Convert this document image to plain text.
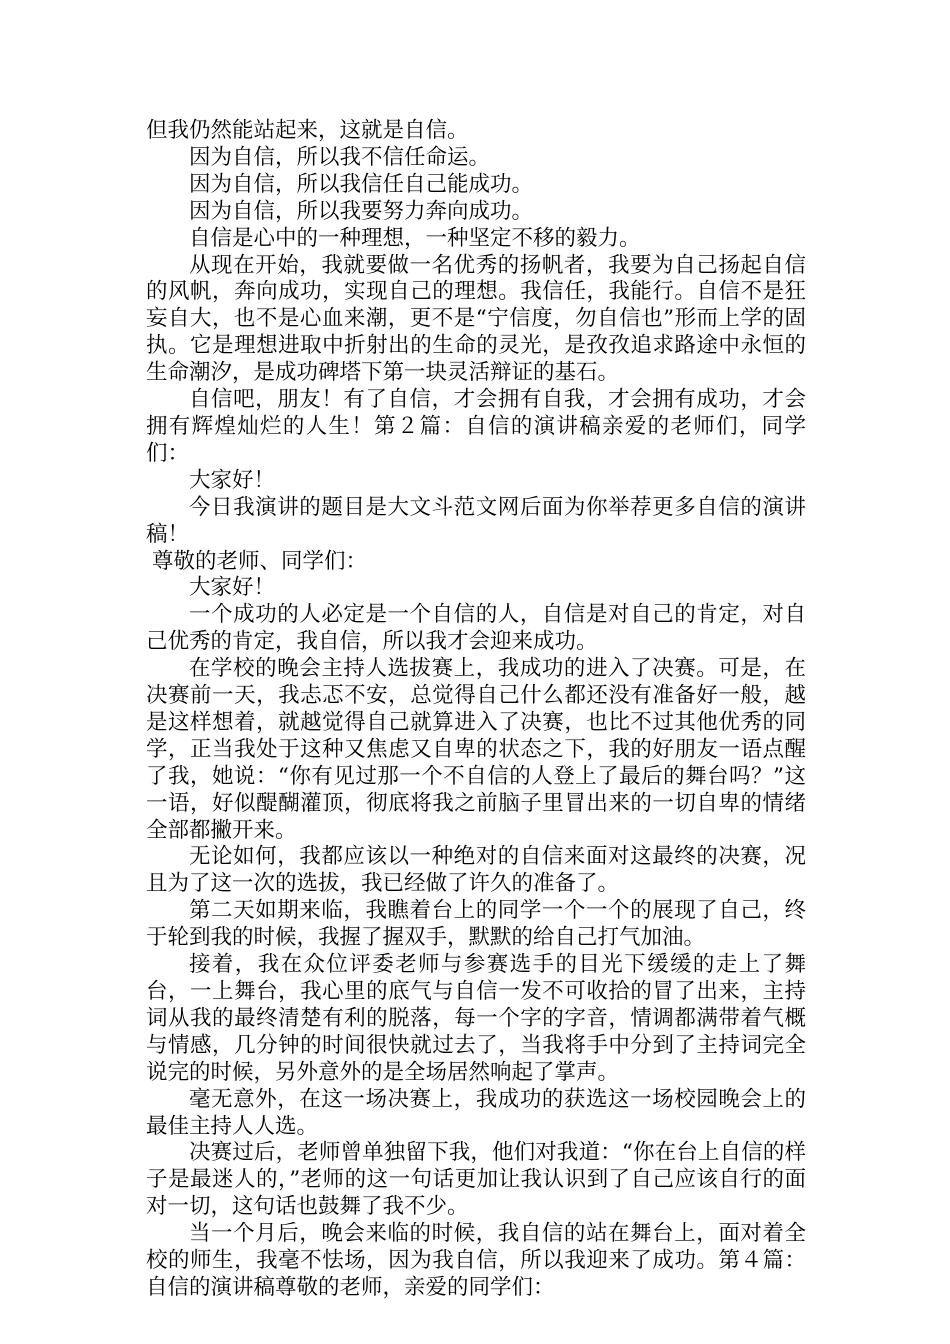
但我仍然能站起来，这就是自信。

因为自信，所以我不信任命运。

因为自信，所以我信任自己能成功。

因为自信，所以我要努力奔向成功。

自信是心中的一种理想，一种坚定不移的毅力。

从现在开始，我就要做一名优秀的扬帆者，我要为自己扬起自信的风帆，奔向成功，实现自己的理想。我信任，我能行。自信不是狂妄自大，也不是心血来潮，更不是“宁信度，勿自信也”形而上学的固执。它是理想进取中折射出的生命的灵光，是孜孜追求路途中永恒的生命潮汐，是成功碑塔下第一块灵活辩证的基石。

自信吧，朋友！有了自信，才会拥有自我，才会拥有成功，才会拥有辉煌灿烂的人生！第２篇：自信的演讲稿亲爱的老师们，同学们：

大家好！

今日我演讲的题目是大文斗范文网后面为你举荐更多自信的演讲稿！

尊敬的老师、同学们：

大家好！

一个成功的人必定是一个自信的人，自信是对自己的肯定，对自己优秀的肯定，我自信，所以我才会迎来成功。

在学校的晚会主持人选拔赛上，我成功的进入了决赛。可是，在决赛前一天，我忐忑不安，总觉得自己什么都还没有准备好一般，越是这样想着，就越觉得自己就算进入了决赛，也比不过其他优秀的同学，正当我处于这种又焦虑又自卑的状态之下，我的好朋友一语点醒了我，她说：“你有见过那一个不自信的人登上了最后的舞台吗？”这一语，好似醍醐灌顶，彻底将我之前脑子里冒出来的一切自卑的情绪全部都撇开来。

无论如何，我都应该以一种绝对的自信来面对这最终的决赛，况且为了这一次的选拔，我已经做了许久的准备了。

第二天如期来临，我瞧着台上的同学一个一个的展现了自己，终于轮到我的时候，我握了握双手，默默的给自己打气加油。

接着，我在众位评委老师与参赛选手的目光下缓缓的走上了舞台，一上舞台，我心里的底气与自信一发不可收拾的冒了出来，主持词从我的最终清楚有利的脱落，每一个字的字音，情调都满带着气概与情感，几分钟的时间很快就过去了，当我将手中分到了主持词完全说完的时候，另外意外的是全场居然响起了掌声。

毫无意外，在这一场决赛上，我成功的获选这一场校园晚会上的最佳主持人人选。

决赛过后，老师曾单独留下我，他们对我道：“你在台上自信的样子是最迷人的，”老师的这一句话更加让我认识到了自己应该自行的面对一切，这句话也鼓舞了我不少。

当一个月后，晚会来临的时候，我自信的站在舞台上，面对着全校的师生，我毫不怯场，因为我自信，所以我迎来了成功。第４篇：自信的演讲稿尊敬的老师，亲爱的同学们：
